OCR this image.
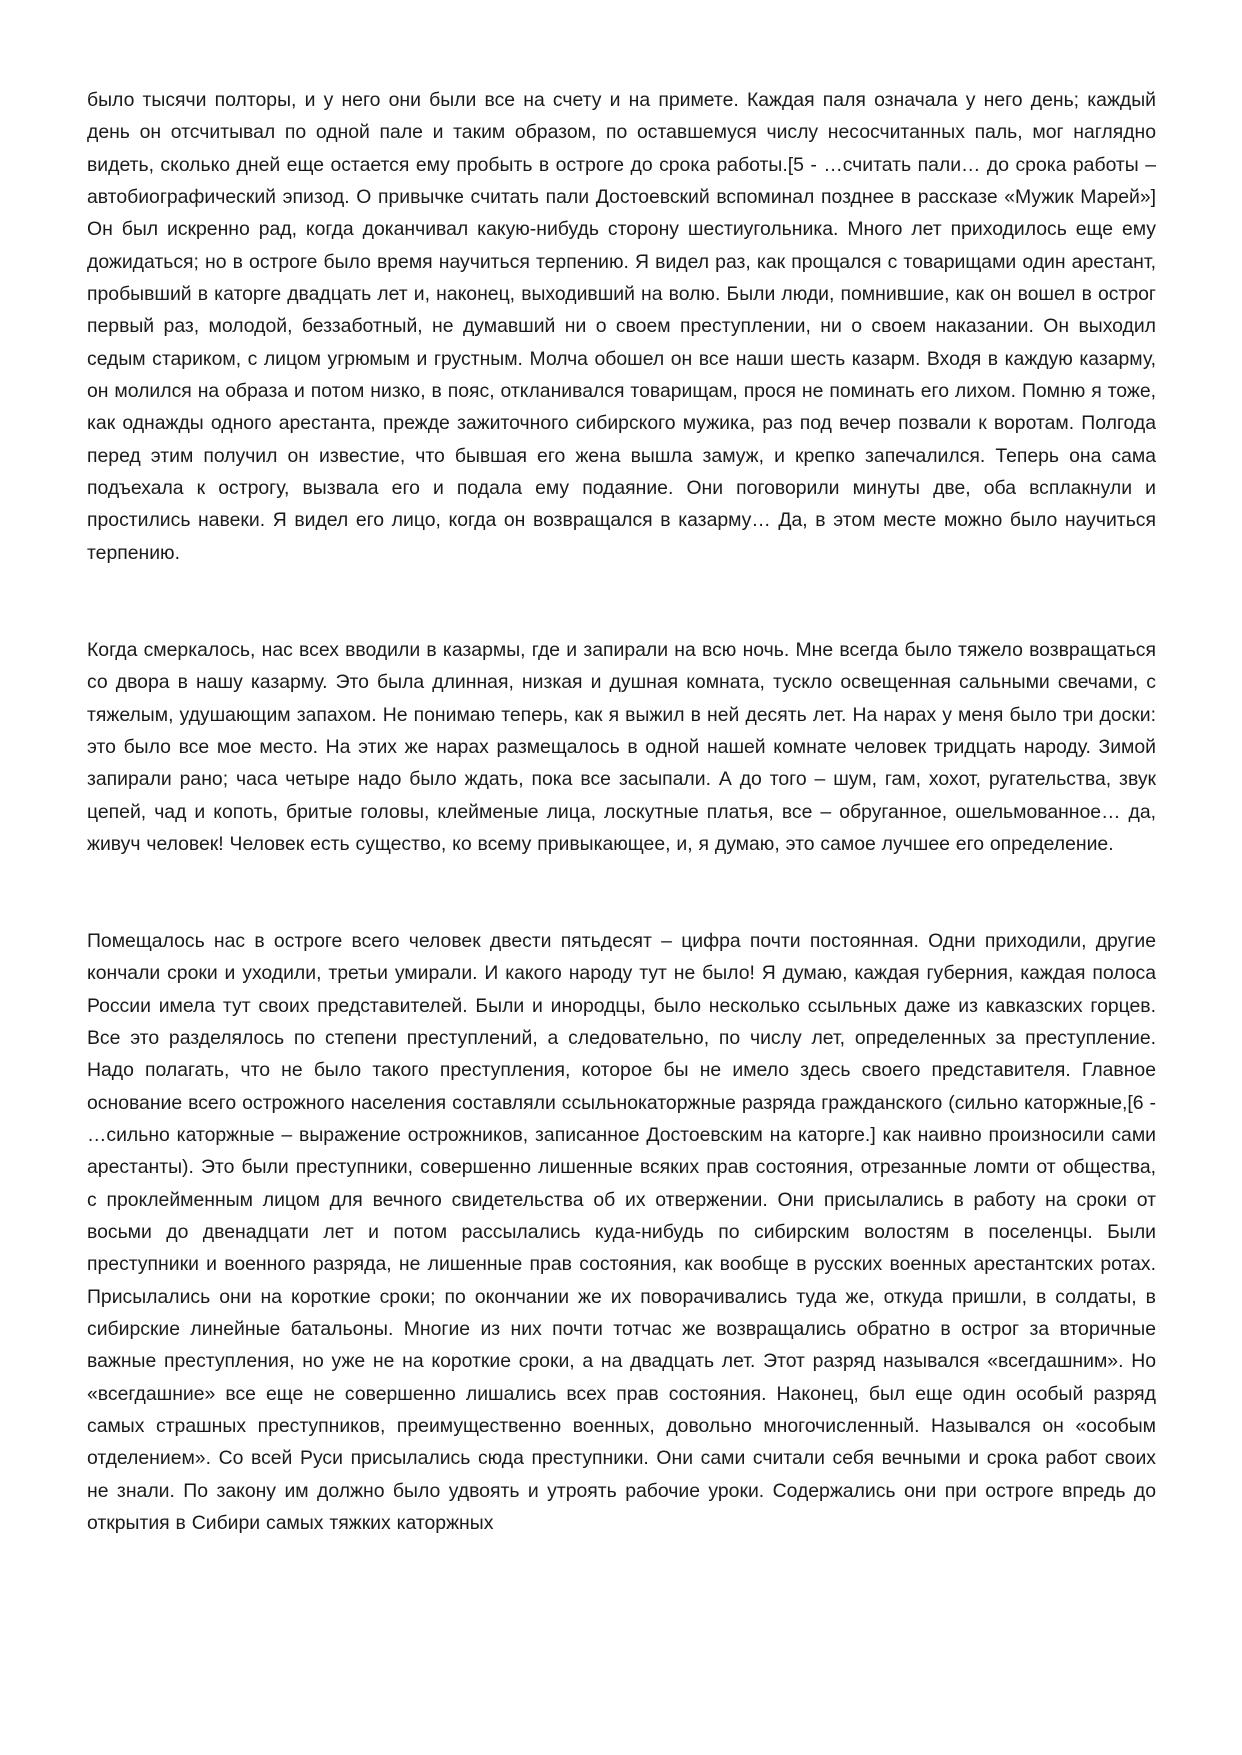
было тысячи полторы, и у него они были все на счету и на примете. Каждая паля означала у него день; каждый день он отсчитывал по одной пале и таким образом, по оставшемуся числу несосчитанных паль, мог наглядно видеть, сколько дней еще остается ему пробыть в остроге до срока работы.[5 - …считать пали… до срока работы – автобиографический эпизод. О привычке считать пали Достоевский вспоминал позднее в рассказе «Мужик Марей»] Он был искренно рад, когда доканчивал какую-нибудь сторону шестиугольника. Много лет приходилось еще ему дожидаться; но в остроге было время научиться терпению. Я видел раз, как прощался с товарищами один арестант, пробывший в каторге двадцать лет и, наконец, выходивший на волю. Были люди, помнившие, как он вошел в острог первый раз, молодой, беззаботный, не думавший ни о своем преступлении, ни о своем наказании. Он выходил седым стариком, с лицом угрюмым и грустным. Молча обошел он все наши шесть казарм. Входя в каждую казарму, он молился на образа и потом низко, в пояс, откланивался товарищам, прося не поминать его лихом. Помню я тоже, как однажды одного арестанта, прежде зажиточного сибирского мужика, раз под вечер позвали к воротам. Полгода перед этим получил он известие, что бывшая его жена вышла замуж, и крепко запечалился. Теперь она сама подъехала к острогу, вызвала его и подала ему подаяние. Они поговорили минуты две, оба всплакнули и простились навеки. Я видел его лицо, когда он возвращался в казарму… Да, в этом месте можно было научиться терпению.

Когда смеркалось, нас всех вводили в казармы, где и запирали на всю ночь. Мне всегда было тяжело возвращаться со двора в нашу казарму. Это была длинная, низкая и душная комната, тускло освещенная сальными свечами, с тяжелым, удушающим запахом. Не понимаю теперь, как я выжил в ней десять лет. На нарах у меня было три доски: это было все мое место. На этих же нарах размещалось в одной нашей комнате человек тридцать народу. Зимой запирали рано; часа четыре надо было ждать, пока все засыпали. А до того – шум, гам, хохот, ругательства, звук цепей, чад и копоть, бритые головы, клейменые лица, лоскутные платья, все – обруганное, ошельмованное… да, живуч человек! Человек есть существо, ко всему привыкающее, и, я думаю, это самое лучшее его определение.

Помещалось нас в остроге всего человек двести пятьдесят – цифра почти постоянная. Одни приходили, другие кончали сроки и уходили, третьи умирали. И какого народу тут не было! Я думаю, каждая губерния, каждая полоса России имела тут своих представителей. Были и инородцы, было несколько ссыльных даже из кавказских горцев. Все это разделялось по степени преступлений, а следовательно, по числу лет, определенных за преступление. Надо полагать, что не было такого преступления, которое бы не имело здесь своего представителя. Главное основание всего острожного населения составляли ссыльнокаторжные разряда гражданского (сильно каторжные,[6 - …сильно каторжные – выражение острожников, записанное Достоевским на каторге.] как наивно произносили сами арестанты). Это были преступники, совершенно лишенные всяких прав состояния, отрезанные ломти от общества, с проклейменным лицом для вечного свидетельства об их отвержении. Они присылались в работу на сроки от восьми до двенадцати лет и потом рассылались куда-нибудь по сибирским волостям в поселенцы. Были преступники и военного разряда, не лишенные прав состояния, как вообще в русских военных арестантских ротах. Присылались они на короткие сроки; по окончании же их поворачивались туда же, откуда пришли, в солдаты, в сибирские линейные батальоны. Многие из них почти тотчас же возвращались обратно в острог за вторичные важные преступления, но уже не на короткие сроки, а на двадцать лет. Этот разряд назывался «всегдашним». Но «всегдашние» все еще не совершенно лишались всех прав состояния. Наконец, был еще один особый разряд самых страшных преступников, преимущественно военных, довольно многочисленный. Назывался он «особым отделением». Со всей Руси присылались сюда преступники. Они сами считали себя вечными и срока работ своих не знали. По закону им должно было удвоять и утроять рабочие уроки. Содержались они при остроге впредь до открытия в Сибири самых тяжких каторжных
